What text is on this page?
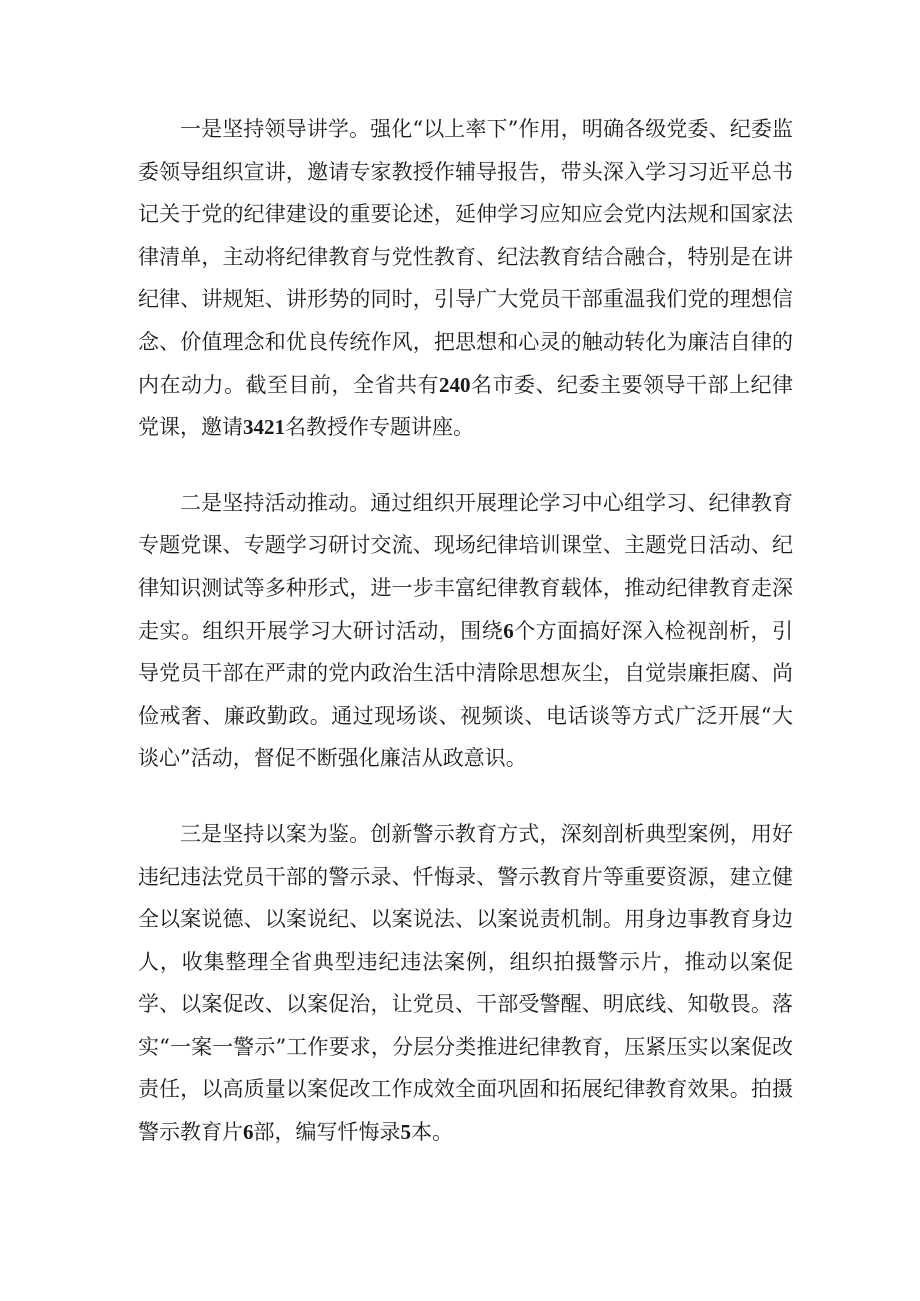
一是坚持领导讲学。强化“以上率下”作用，明确各级党委、纪委监委领导组织宣讲，邀请专家教授作辅导报告，带头深入学习习近平总书记关于党的纪律建设的重要论述，延伸学习应知应会党内法规和国家法律清单，主动将纪律教育与党性教育、纪法教育结合融合，特别是在讲纪律、讲规矩、讲形势的同时，引导广大党员干部重温我们党的理想信念、价值理念和优良传统作风，把思想和心灵的触动转化为廉洁自律的内在动力。截至目前，全省共有240名市委、纪委主要领导干部上纪律党课，邀请3421名教授作专题讲座。

二是坚持活动推动。通过组织开展理论学习中心组学习、纪律教育专题党课、专题学习研讨交流、现场纪律培训课堂、主题党日活动、纪律知识测试等多种形式，进一步丰富纪律教育载体，推动纪律教育走深走实。组织开展学习大研讨活动，围绕6个方面搞好深入检视剖析，引导党员干部在严肃的党内政治生活中清除思想灰尘，自觉崇廉拒腐、尚俭戒奢、廉政勤政。通过现场谈、视频谈、电话谈等方式广泛开展“大谈心”活动，督促不断强化廉洁从政意识。

三是坚持以案为鉴。创新警示教育方式，深刻剖析典型案例，用好违纪违法党员干部的警示录、忏悔录、警示教育片等重要资源，建立健全以案说德、以案说纪、以案说法、以案说责机制。用身边事教育身边人，收集整理全省典型违纪违法案例，组织拍摄警示片，推动以案促学、以案促改、以案促治，让党员、干部受警醒、明底线、知敬畏。落实“一案一警示”工作要求，分层分类推进纪律教育，压紧压实以案促改责任，以高质量以案促改工作成效全面巩固和拓展纪律教育效果。拍摄警示教育片6部，编写忏悔录5本。
